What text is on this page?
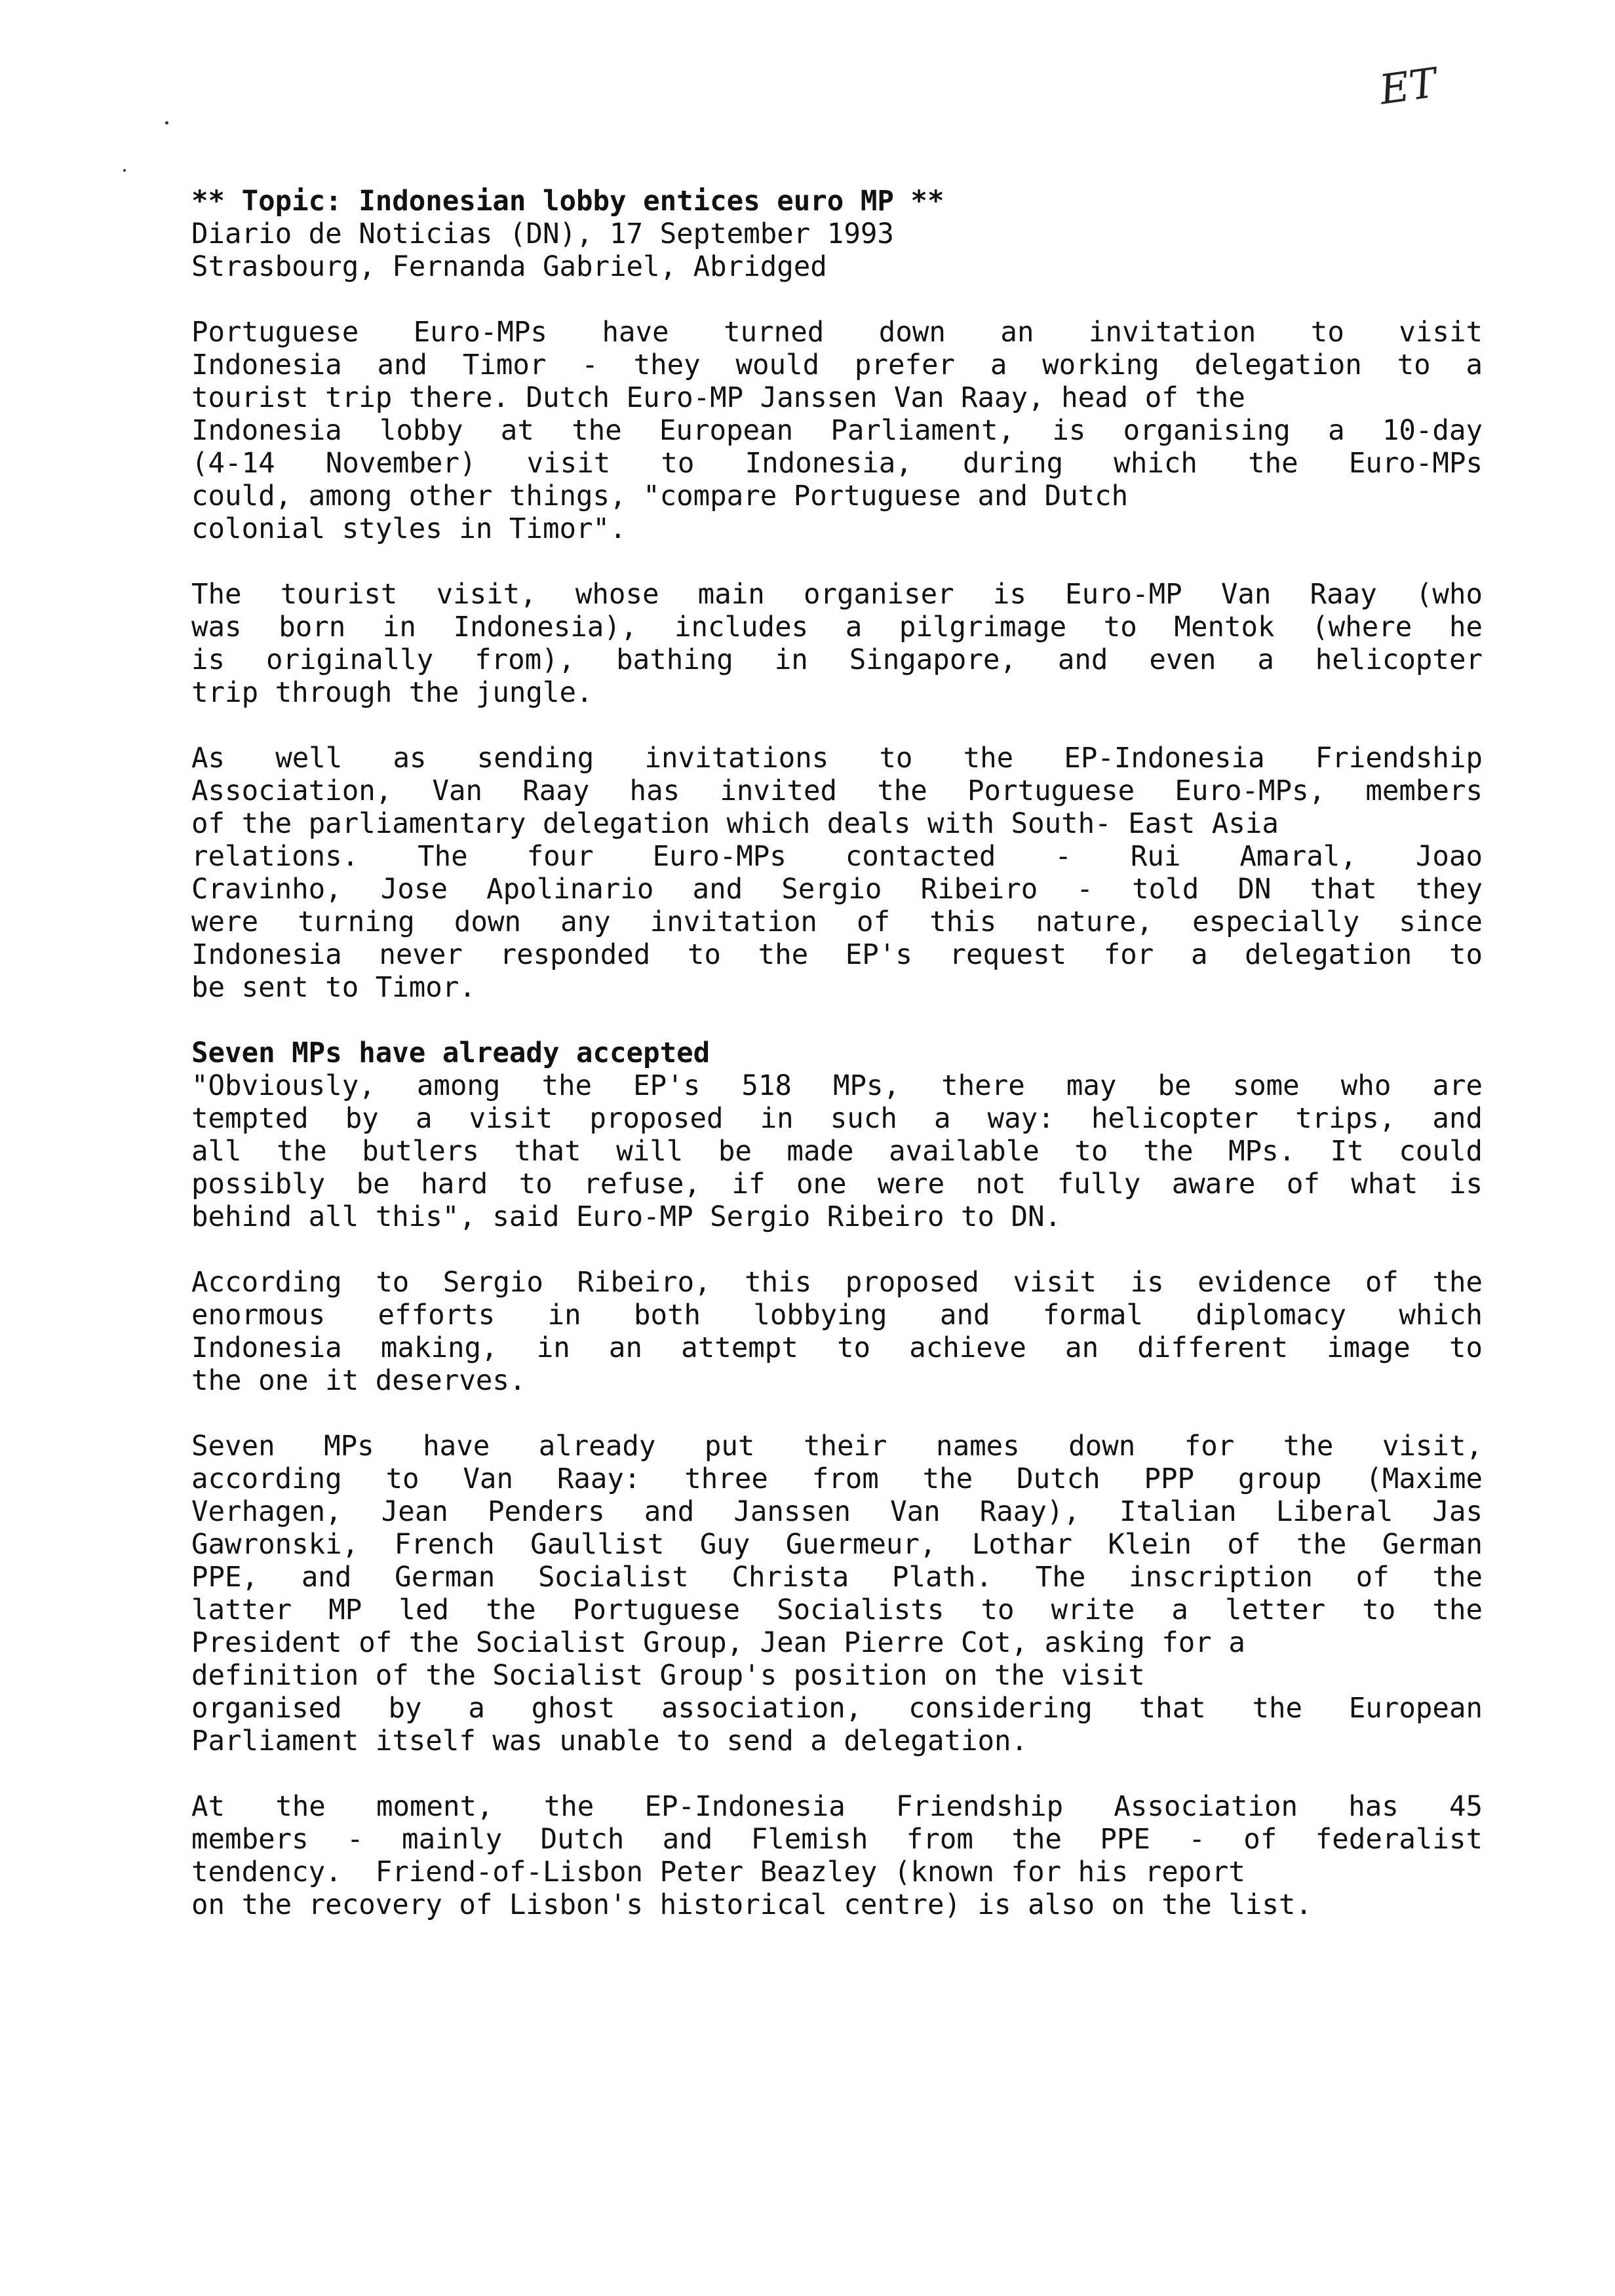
ET
** Topic: Indonesian lobby entices euro MP **
Diario de Noticias (DN), 17 September 1993
Strasbourg, Fernanda Gabriel, Abridged
Portuguese Euro-MPs have turned down an invitation to visit
Indonesia and Timor - they would prefer a working delegation to a
tourist trip there. Dutch Euro-MP Janssen Van Raay, head of the
Indonesia lobby at the European Parliament, is organising a 10-day
(4-14 November) visit to Indonesia, during which the Euro-MPs
could, among other things, "compare Portuguese and Dutch
colonial styles in Timor".
The tourist visit, whose main organiser is Euro-MP Van Raay (who
was born in Indonesia), includes a pilgrimage to Mentok (where he
is originally from), bathing in Singapore, and even a helicopter
trip through the jungle.
As well as sending invitations to the EP-Indonesia Friendship
Association, Van Raay has invited the Portuguese Euro-MPs, members
of the parliamentary delegation which deals with South- East Asia
relations. The four Euro-MPs contacted - Rui Amaral, Joao
Cravinho, Jose Apolinario and Sergio Ribeiro - told DN that they
were turning down any invitation of this nature, especially since
Indonesia never responded to the EP's request for a delegation to
be sent to Timor.
Seven MPs have already accepted
"Obviously, among the EP's 518 MPs, there may be some who are
tempted by a visit proposed in such a way: helicopter trips, and
all the butlers that will be made available to the MPs. It could
possibly be hard to refuse, if one were not fully aware of what is
behind all this", said Euro-MP Sergio Ribeiro to DN.
According to Sergio Ribeiro, this proposed visit is evidence of the
enormous efforts in both lobbying and formal diplomacy which
Indonesia making, in an attempt to achieve an different image to
the one it deserves.
Seven MPs have already put their names down for the visit,
according to Van Raay: three from the Dutch PPP group (Maxime
Verhagen, Jean Penders and Janssen Van Raay), Italian Liberal Jas
Gawronski, French Gaullist Guy Guermeur, Lothar Klein of the German
PPE, and German Socialist Christa Plath. The inscription of the
latter MP led the Portuguese Socialists to write a letter to the
President of the Socialist Group, Jean Pierre Cot, asking for a
definition of the Socialist Group's position on the visit
organised by a ghost association, considering that the European
Parliament itself was unable to send a delegation.
At the moment, the EP-Indonesia Friendship Association has 45
members - mainly Dutch and Flemish from the PPE - of federalist
tendency.  Friend-of-Lisbon Peter Beazley (known for his report
on the recovery of Lisbon's historical centre) is also on the list.
